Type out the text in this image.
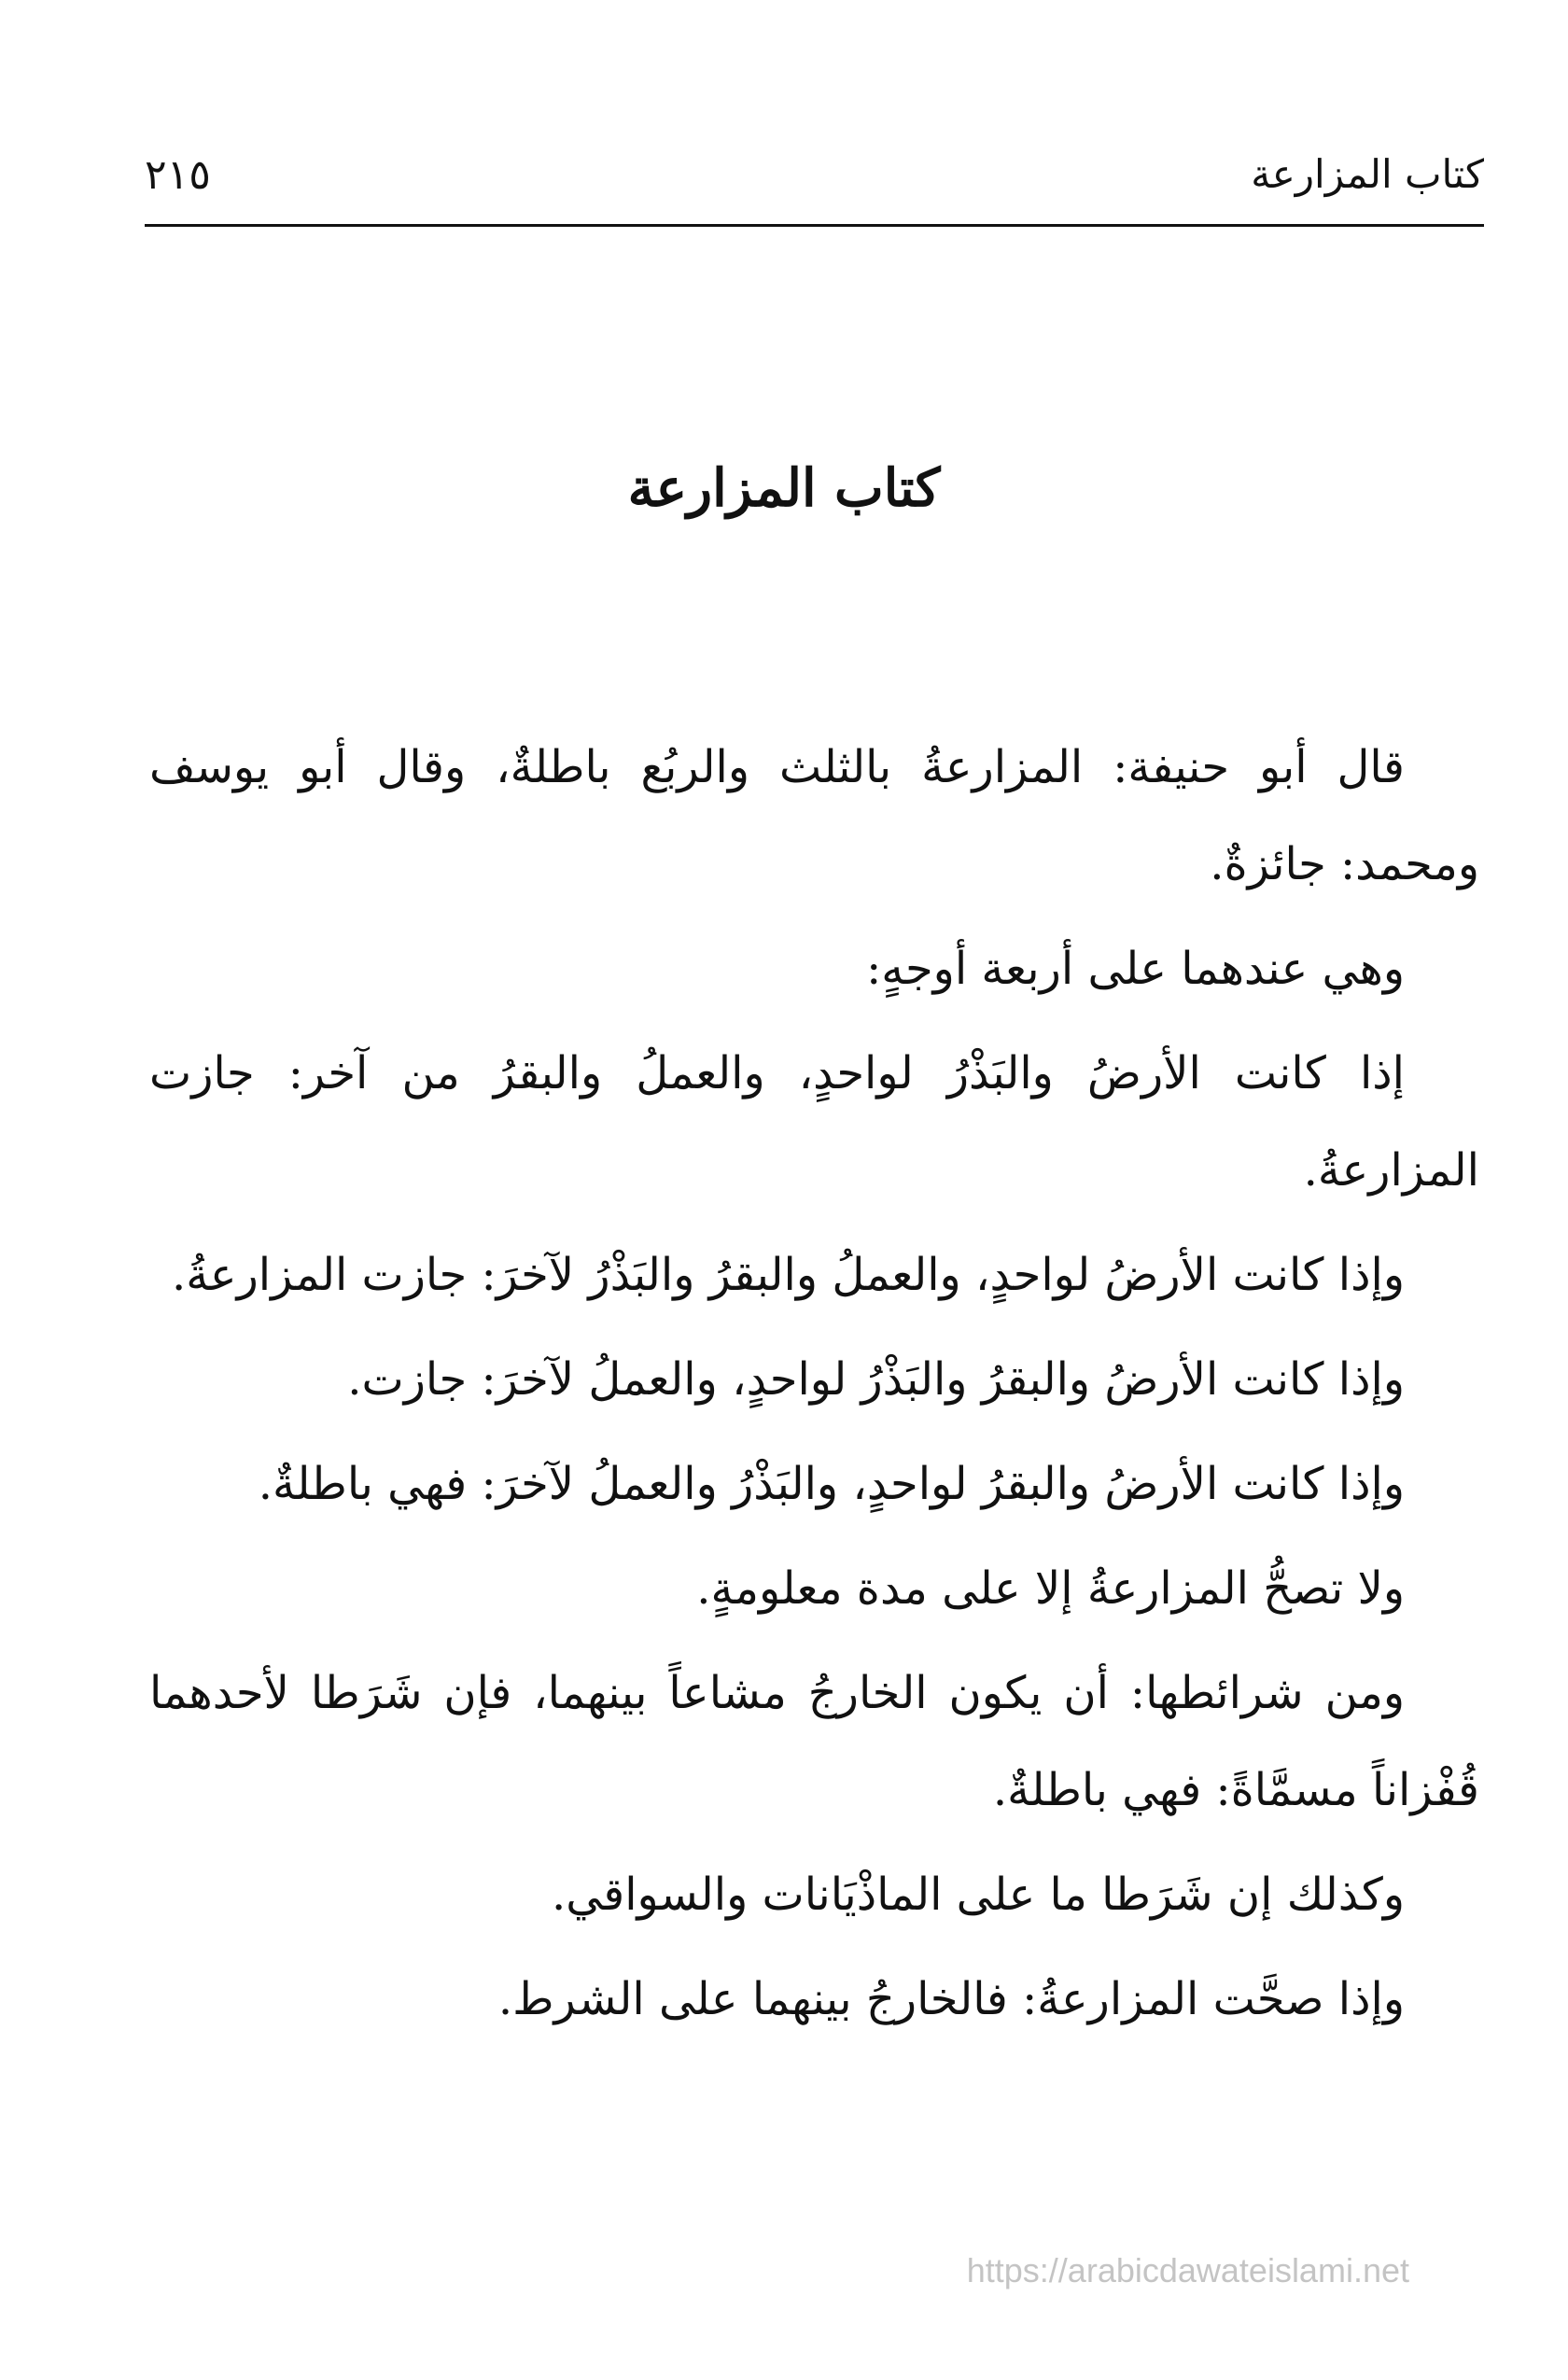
كتاب المزارعة
٢١٥
كتاب المزارعة

قال أبو حنيفة: المزارعةُ بالثلث والربُع باطلةٌ، وقال أبو يوسف ومحمد: جائزةٌ.

وهي عندهما على أربعة أوجهٍ:

إذا كانت الأرضُ والبَذْرُ لواحدٍ، والعملُ والبقرُ من آخر: جازت المزارعةُ.

وإذا كانت الأرضُ لواحدٍ، والعملُ والبقرُ والبَذْرُ لآخرَ: جازت المزارعةُ.

وإذا كانت الأرضُ والبقرُ والبَذْرُ لواحدٍ، والعملُ لآخرَ: جازت.

وإذا كانت الأرضُ والبقرُ لواحدٍ، والبَذْرُ والعملُ لآخرَ: فهي باطلةٌ.

ولا تصحُّ المزارعةُ إلا على مدة معلومةٍ.

ومن شرائطها: أن يكون الخارجُ مشاعاً بينهما، فإن شَرَطا لأحدهما قُفْزاناً مسمَّاةً: فهي باطلةٌ.

وكذلك إن شَرَطا ما على الماذْيَانات والسواقي.

وإذا صحَّت المزارعةُ: فالخارجُ بينهما على الشرط.

https://arabicdawateislami.net
